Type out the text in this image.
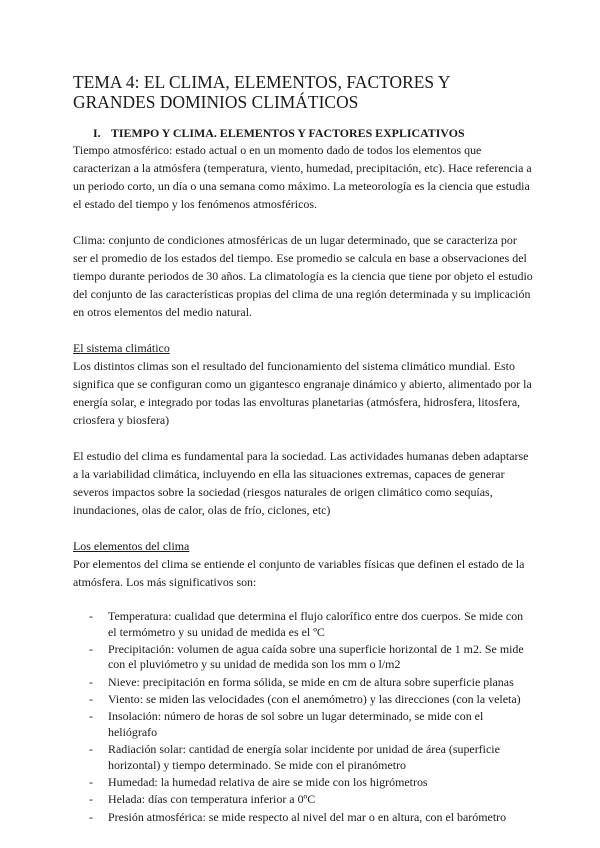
TEMA 4: EL CLIMA, ELEMENTOS, FACTORES Y GRANDES DOMINIOS CLIMÁTICOS
I. TIEMPO Y CLIMA. ELEMENTOS Y FACTORES EXPLICATIVOS

Tiempo atmosférico: estado actual o en un momento dado de todos los elementos que caracterizan a la atmósfera (temperatura, viento, humedad, precipitación, etc). Hace referencia a un periodo corto, un día o una semana como máximo. La meteorología es la ciencia que estudia el estado del tiempo y los fenómenos atmosféricos.

Clima: conjunto de condiciones atmosféricas de un lugar determinado, que se caracteriza por ser el promedio de los estados del tiempo. Ese promedio se calcula en base a observaciones del tiempo durante periodos de 30 años. La climatología es la ciencia que tiene por objeto el estudio del conjunto de las características propias del clima de una región determinada y su implicación en otros elementos del medio natural.

El sistema climático

Los distintos climas son el resultado del funcionamiento del sistema climático mundial. Esto significa que se configuran como un gigantesco engranaje dinámico y abierto, alimentado por la energía solar, e integrado por todas las envolturas planetarias (atmósfera, hidrosfera, litosfera, criosfera y biosfera)

El estudio del clima es fundamental para la sociedad. Las actividades humanas deben adaptarse a la variabilidad climática, incluyendo en ella las situaciones extremas, capaces de generar severos impactos sobre la sociedad (riesgos naturales de origen climático como sequías, inundaciones, olas de calor, olas de frío, ciclones, etc)

Los elementos del clima

Por elementos del clima se entiende el conjunto de variables físicas que definen el estado de la atmósfera. Los más significativos son:

- Temperatura: cualidad que determina el flujo calorífico entre dos cuerpos. Se mide con el termómetro y su unidad de medida es el ºC
- Precipitación: volumen de agua caída sobre una superficie horizontal de 1 m2. Se mide con el pluviómetro y su unidad de medida son los mm o l/m2
- Nieve: precipitación en forma sólida, se mide en cm de altura sobre superficie planas
- Viento: se miden las velocidades (con el anemómetro) y las direcciones (con la veleta)
- Insolación: número de horas de sol sobre un lugar determinado, se mide con el heliógrafo
- Radiación solar: cantidad de energía solar incidente por unidad de área (superficie horizontal) y tiempo determinado. Se mide con el piranómetro
- Humedad: la humedad relativa de aire se mide con los higrómetros
- Helada: días con temperatura inferior a 0ºC
- Presión atmosférica: se mide respecto al nivel del mar o en altura, con el barómetro
